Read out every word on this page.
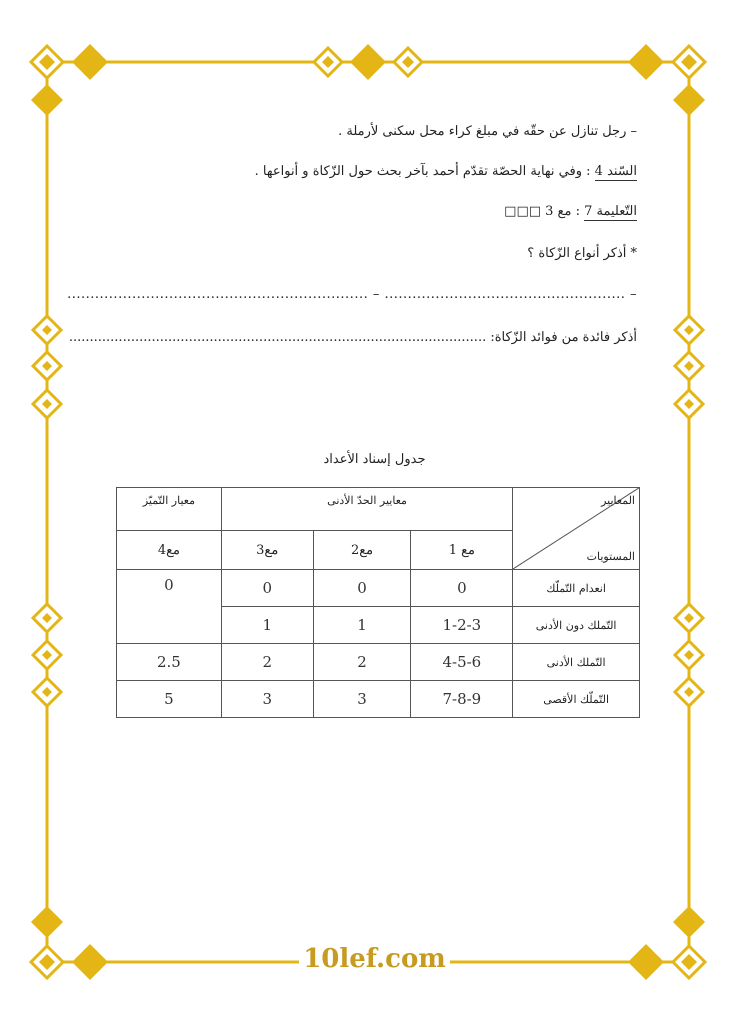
– رجل تنازل عن حقّه في مبلغ كراء محل سكنى لأرملة .
السّند 4 : وفي نهاية الحصّة تقدّم أحمد بآخر بحث حول الزّكاة و أنواعها .
التّعليمة 7 : مع 3 □□□
* أذكر أنواع الزّكاة ؟
– .................................................... – .................................................................
أذكر فائدة من فوائد الزّكاة: .....................................................................................................
جدول إسناد الأعداد
المعايير
المستويات	معايير الحدّ الأدنى			معيار التّميّز
	مع 1	مع2	مع3	مع4
انعدام التّملّك	0	0	0	0
التّملك دون الأدنى	1-2-3	1	1	
التّملك الأدنى	4-5-6	2	2	2.5
التّملّك الأقصى	7-8-9	3	3	5
10lef.com
